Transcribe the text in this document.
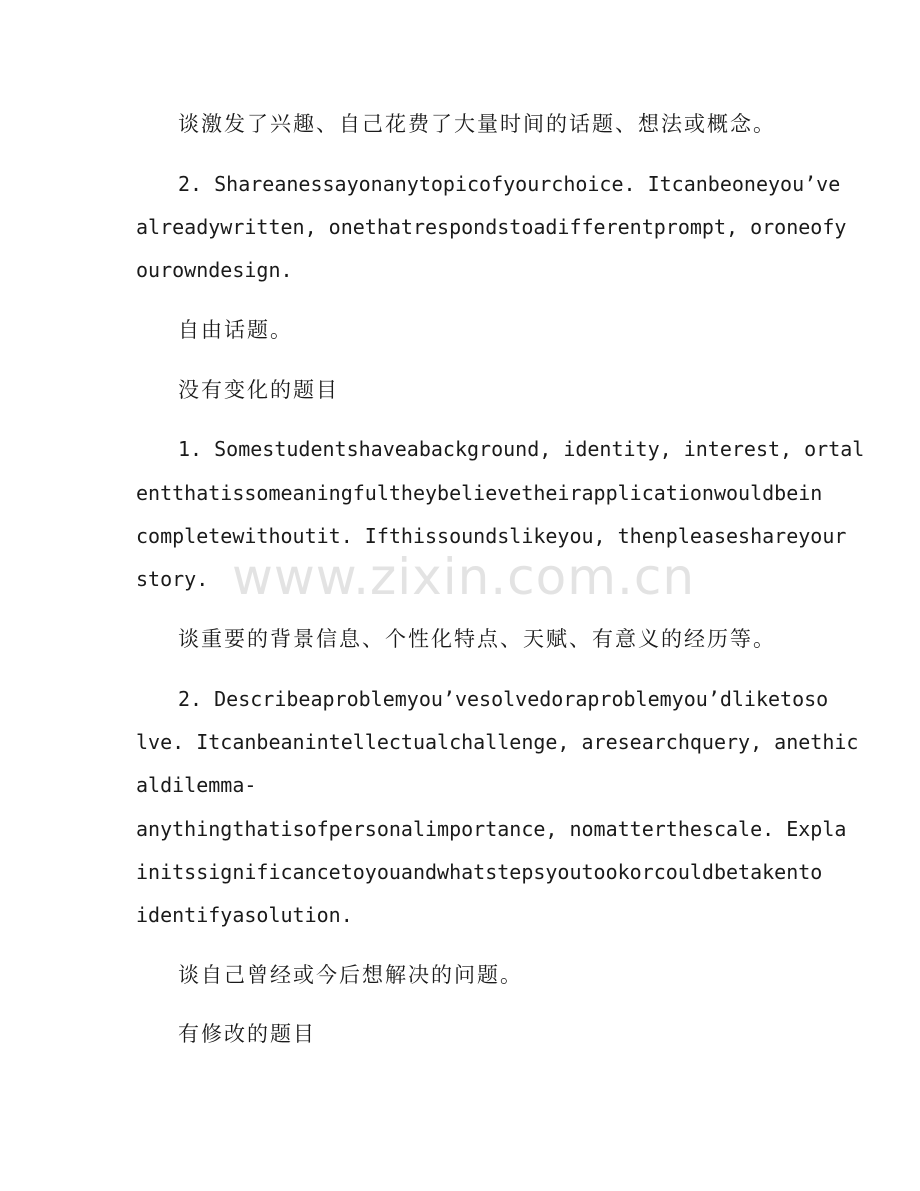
www.zixin.com.cn
谈激发了兴趣、自己花费了大量时间的话题、想法或概念。
2. Shareanessayonanytopicofyourchoice. Itcanbeoneyou’ve
alreadywritten, onethatrespondstoadifferentprompt, oroneofy
ourowndesign.
自由话题。
没有变化的题目
1. Somestudentshaveabackground, identity, interest, ortal
entthatissomeaningfultheybelievetheirapplicationwouldbein
completewithoutit. Ifthissoundslikeyou, thenpleaseshareyour
story.
谈重要的背景信息、个性化特点、天赋、有意义的经历等。
2. Describeaproblemyou’vesolvedoraproblemyou’dliketoso
lve. Itcanbeanintellectualchallenge, aresearchquery, anethic
aldilemma-
anythingthatisofpersonalimportance, nomatterthescale. Expla
initssignificancetoyouandwhatstepsyoutookorcouldbetakento
identifyasolution.
谈自己曾经或今后想解决的问题。
有修改的题目
